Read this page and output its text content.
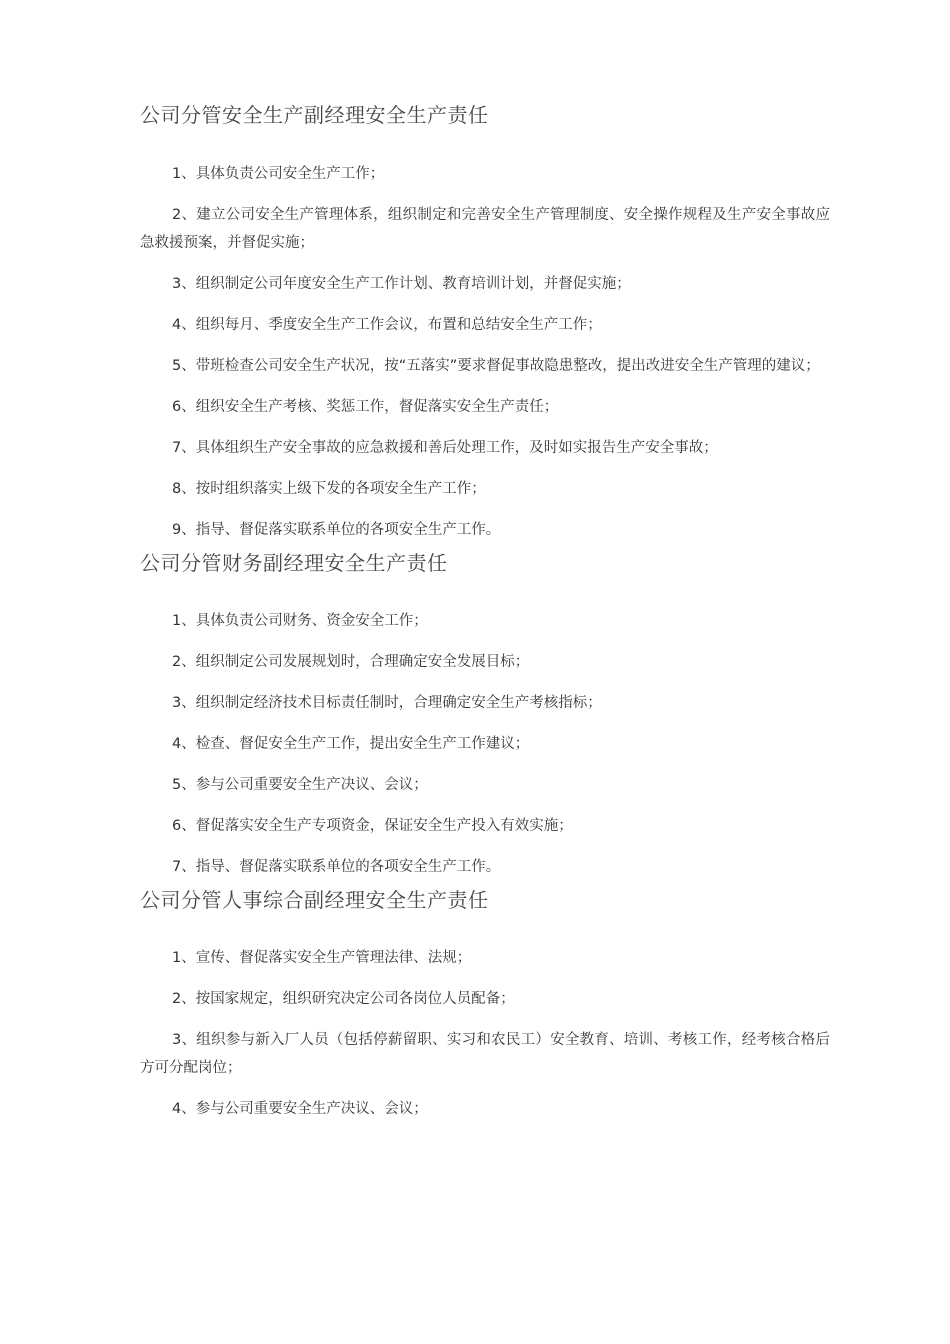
公司分管安全生产副经理安全生产责任

1、具体负责公司安全生产工作；

2、建立公司安全生产管理体系，组织制定和完善安全生产管理制度、安全操作规程及生产安全事故应急救援预案，并督促实施；

3、组织制定公司年度安全生产工作计划、教育培训计划，并督促实施；

4、组织每月、季度安全生产工作会议，布置和总结安全生产工作；

5、带班检查公司安全生产状况，按“五落实”要求督促事故隐患整改，提出改进安全生产管理的建议；

6、组织安全生产考核、奖惩工作，督促落实安全生产责任；

7、具体组织生产安全事故的应急救援和善后处理工作，及时如实报告生产安全事故；

8、按时组织落实上级下发的各项安全生产工作；

9、指导、督促落实联系单位的各项安全生产工作。

公司分管财务副经理安全生产责任

1、具体负责公司财务、资金安全工作；

2、组织制定公司发展规划时，合理确定安全发展目标；

3、组织制定经济技术目标责任制时，合理确定安全生产考核指标；

4、检查、督促安全生产工作，提出安全生产工作建议；

5、参与公司重要安全生产决议、会议；

6、督促落实安全生产专项资金，保证安全生产投入有效实施；

7、指导、督促落实联系单位的各项安全生产工作。

公司分管人事综合副经理安全生产责任

1、宣传、督促落实安全生产管理法律、法规；

2、按国家规定，组织研究决定公司各岗位人员配备；

3、组织参与新入厂人员（包括停薪留职、实习和农民工）安全教育、培训、考核工作，经考核合格后方可分配岗位；

4、参与公司重要安全生产决议、会议；
